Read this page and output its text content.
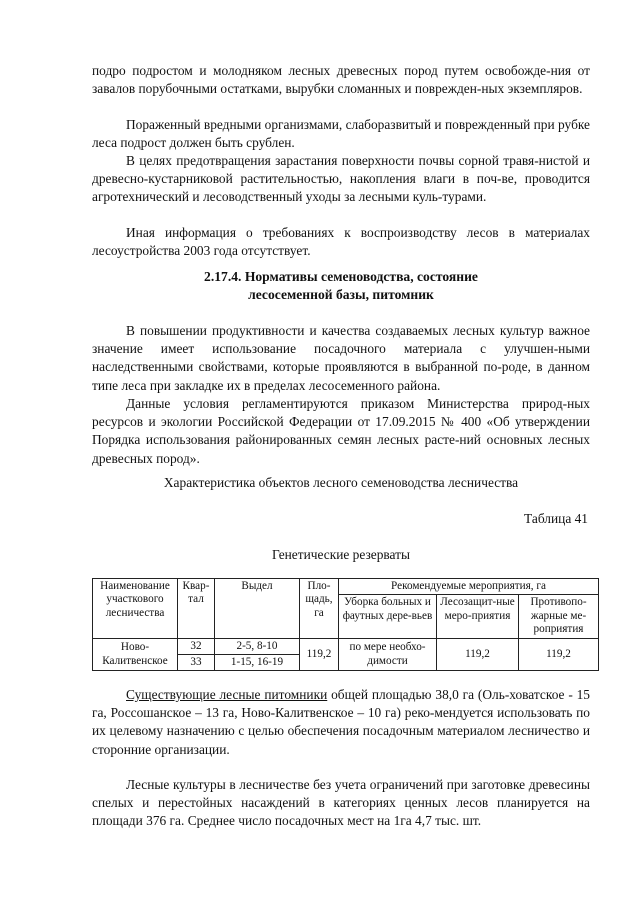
подро подростом и молодняком лесных древесных пород путем освобожде-ния от завалов порубочными остатками, вырубки сломанных и поврежден-ных экземпляров.

Пораженный вредными организмами, слаборазвитый и поврежденный при рубке леса подрост должен быть срублен.

В целях предотвращения зарастания поверхности почвы сорной травя-нистой и древесно-кустарниковой растительностью, накопления влаги в поч-ве, проводится агротехнический и лесоводственный уходы за лесными куль-турами.

Иная информация о требованиях к воспроизводству лесов в материалах лесоустройства 2003 года отсутствует.

2.17.4. Нормативы семеноводства, состояние

лесосеменной базы, питомник

В повышении продуктивности и качества создаваемых лесных культур важное значение имеет использование посадочного материала с улучшен-ными наследственными свойствами, которые проявляются в выбранной по-роде, в данном типе леса при закладке их в пределах лесосеменного района.

Данные условия регламентируются приказом Министерства природ-ных ресурсов и экологии Российской Федерации от 17.09.2015 № 400 «Об утверждении Порядка использования районированных семян лесных расте-ний основных лесных древесных пород».

Характеристика объектов лесного семеноводства лесничества

Таблица 41

Генетические резерваты

Наименование участкового лесничества	Квар-тал	Выдел	Пло-щадь, га	Рекомендуемые мероприятия, га		
				Уборка больных и фаутных дере-вьев	Лесозащит-ные меро-приятия	Противопо-жарные ме-роприятия
Ново-Калитвенское	32	2-5, 8-10	119,2	по мере необхо-димости	119,2	119,2
	33	1-15, 16-19				

Существующие лесные питомники общей площадью 38,0 га (Оль-ховатское - 15 га, Россошанское – 13 га, Ново-Калитвенское – 10 га) реко-мендуется использовать по их целевому назначению с целью обеспечения посадочным материалом лесничество и сторонние организации.

Лесные культуры в лесничестве без учета ограничений при заготовке древесины спелых и перестойных насаждений в категориях ценных лесов планируется на площади 376 га. Среднее число посадочных мест на 1га 4,7 тыс. шт.
